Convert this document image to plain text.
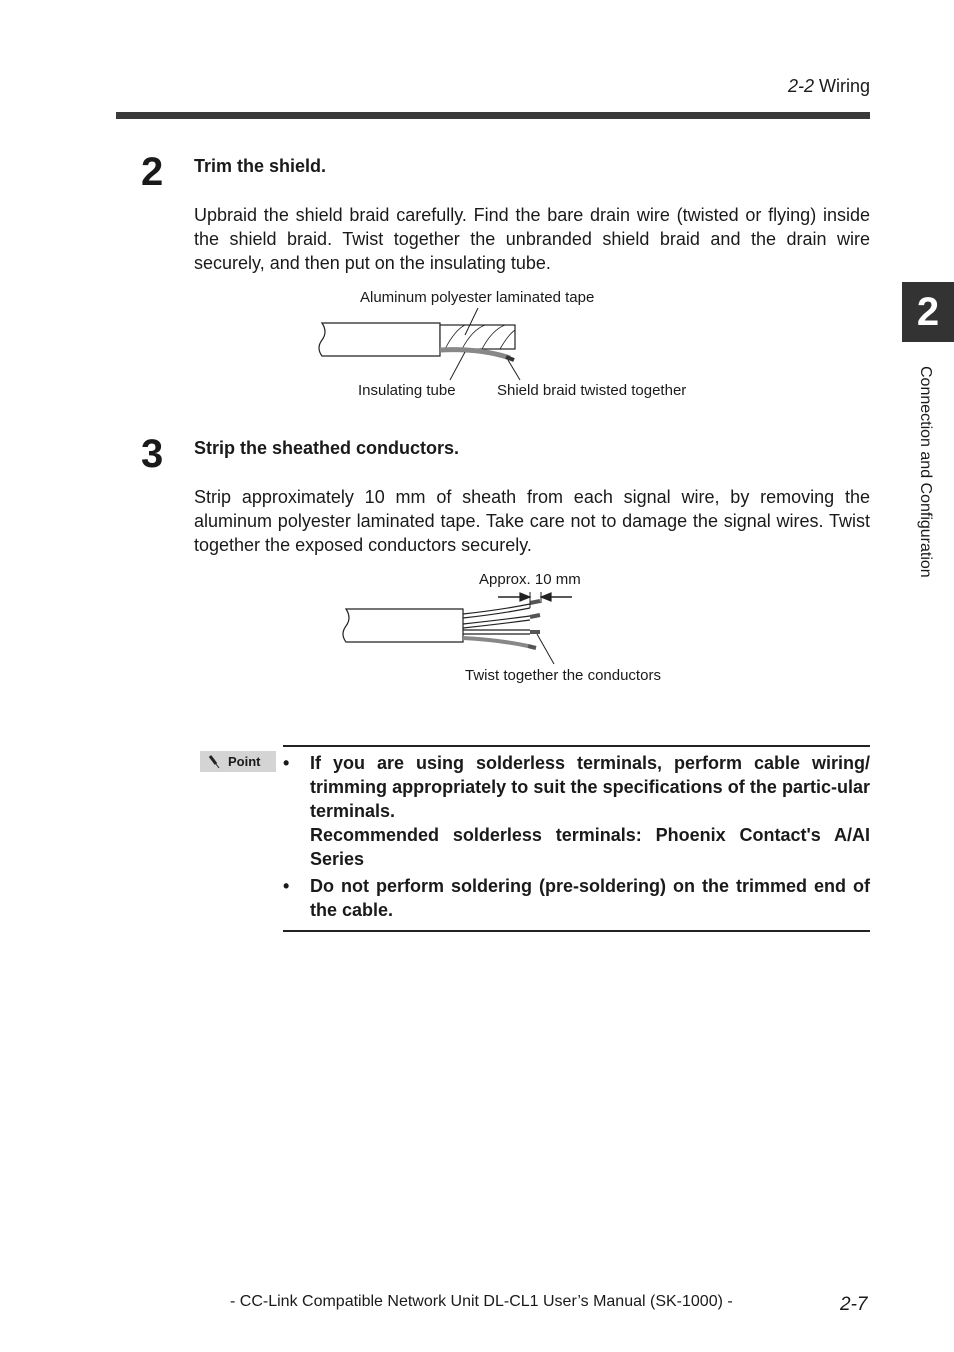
2-2 Wiring
2
Connection and Configuration
2 Trim the shield.
Upbraid the shield braid carefully. Find the bare drain wire (twisted or flying) inside the shield braid. Twist together the unbranded shield braid and the drain wire securely, and then put on the insulating tube.
3 Strip the sheathed conductors.
Strip approximately 10 mm of sheath from each signal wire, by removing the aluminum polyester laminated tape. Take care not to damage the signal wires. Twist together the exposed conductors securely.
Aluminum polyester laminated tape
Insulating tube	Shield braid twisted together
Approx. 10 mm
Twist together the conductors
Point •	If you are using solderless terminals, perform cable wiring/ trimming appropriately to suit the specifications of the partic-ular terminals.
Recommended solderless terminals: Phoenix Contact's A/AI Series
•	Do not perform soldering (pre-soldering) on the trimmed end of the cable.
- CC-Link Compatible Network Unit DL-CL1 User’s Manual (SK-1000) -	2-7
